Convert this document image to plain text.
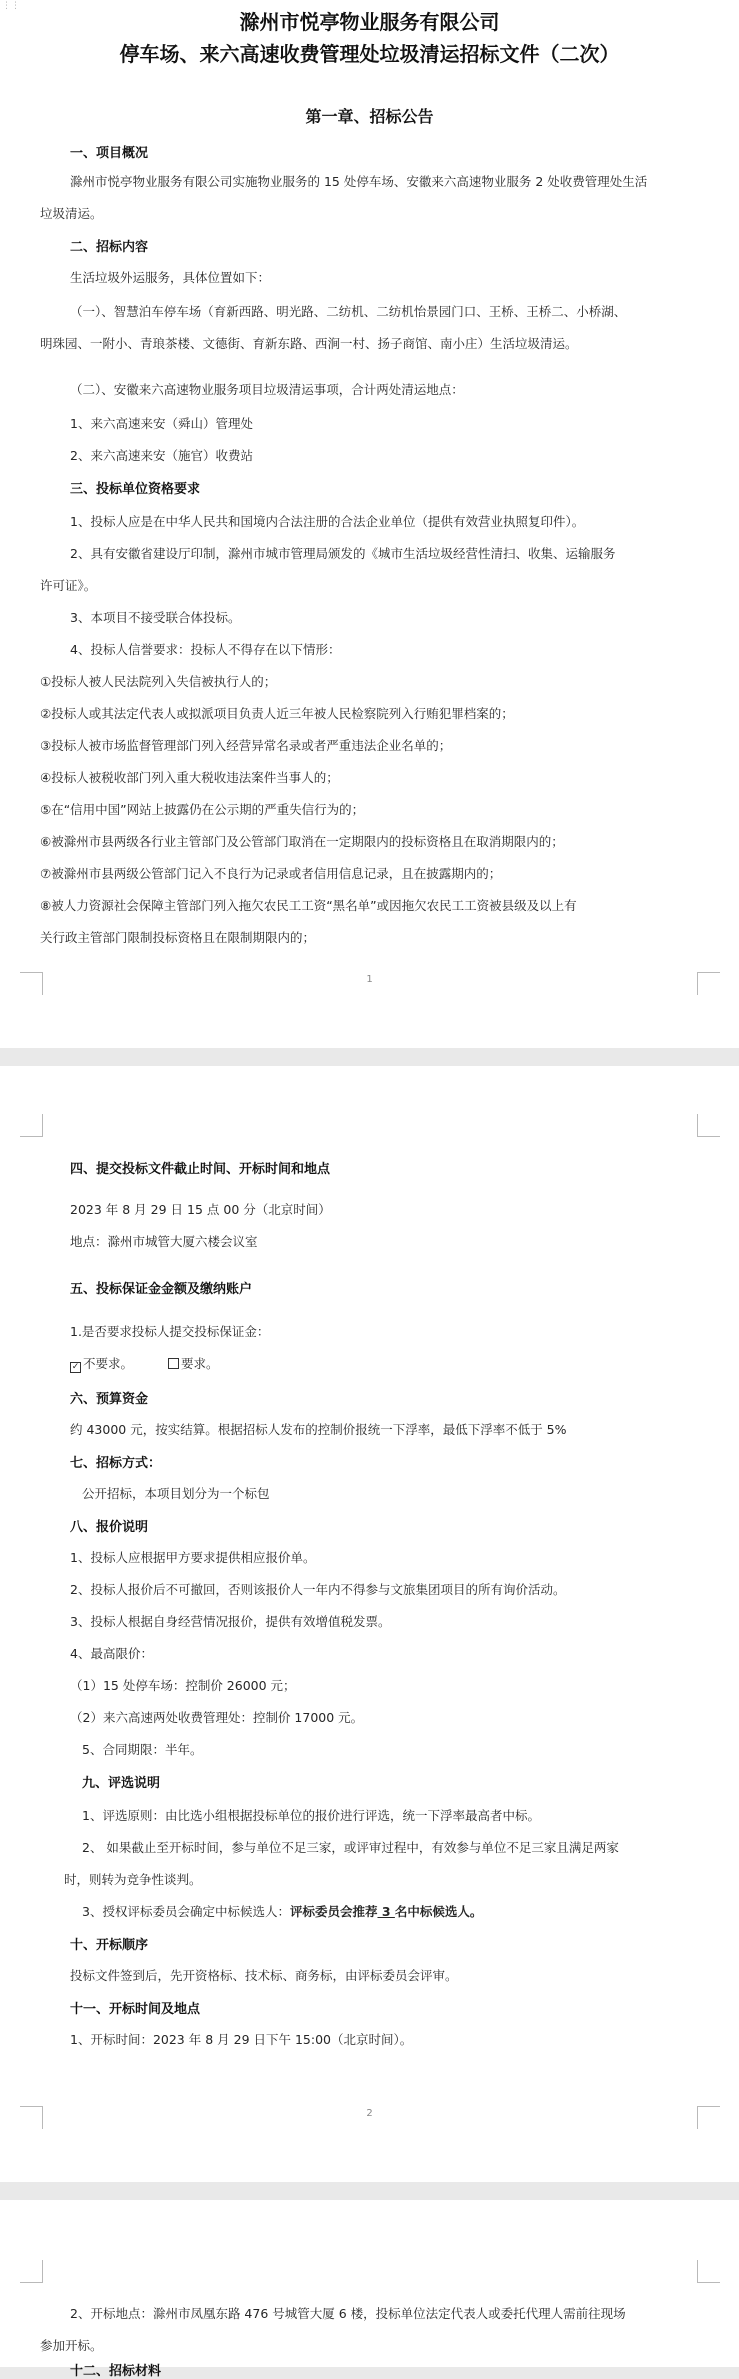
⋮⋮
滁州市悦亭物业服务有限公司
停车场、来六高速收费管理处垃圾清运招标文件（二次）
第一章、招标公告
一、项目概况
滁州市悦亭物业服务有限公司实施物业服务的 15 处停车场、安徽来六高速物业服务 2 处收费管理处生活
垃圾清运。
二、招标内容
生活垃圾外运服务，具体位置如下：
（一）、智慧泊车停车场（育新西路、明光路、二纺机、二纺机怡景园门口、王桥、王桥二、小桥湖、
明珠园、一附小、青琅茶楼、文德街、育新东路、西涧一村、扬子商馆、南小庄）生活垃圾清运。
（二）、安徽来六高速物业服务项目垃圾清运事项，合计两处清运地点：
1、来六高速来安（舜山）管理处
2、来六高速来安（施官）收费站
三、投标单位资格要求
1、投标人应是在中华人民共和国境内合法注册的合法企业单位（提供有效营业执照复印件）。
2、具有安徽省建设厅印制，滁州市城市管理局颁发的《城市生活垃圾经营性清扫、收集、运输服务
许可证》。
3、本项目不接受联合体投标。
4、投标人信誉要求：投标人不得存在以下情形：
①投标人被人民法院列入失信被执行人的；
②投标人或其法定代表人或拟派项目负责人近三年被人民检察院列入行贿犯罪档案的；
③投标人被市场监督管理部门列入经营异常名录或者严重违法企业名单的；
④投标人被税收部门列入重大税收违法案件当事人的；
⑤在“信用中国”网站上披露仍在公示期的严重失信行为的；
⑥被滁州市县两级各行业主管部门及公管部门取消在一定期限内的投标资格且在取消期限内的；
⑦被滁州市县两级公管部门记入不良行为记录或者信用信息记录，且在披露期内的；
⑧被人力资源社会保障主管部门列入拖欠农民工工资“黑名单”或因拖欠农民工工资被县级及以上有
关行政主管部门限制投标资格且在限制期限内的；
1
四、提交投标文件截止时间、开标时间和地点
2023 年 8 月 29 日 15 点 00 分（北京时间）
地点：滁州市城管大厦六楼会议室
五、投标保证金金额及缴纳账户
1.是否要求投标人提交投标保证金：
✓ 不要求。	要求。
六、预算资金
约 43000 元，按实结算。根据招标人发布的控制价报统一下浮率，最低下浮率不低于 5%
七、招标方式：
公开招标，本项目划分为一个标包
八、报价说明
1、投标人应根据甲方要求提供相应报价单。
2、投标人报价后不可撤回，否则该报价人一年内不得参与文旅集团项目的所有询价活动。
3、投标人根据自身经营情况报价，提供有效增值税发票。
4、最高限价：
（1）15 处停车场：控制价 26000 元；
（2）来六高速两处收费管理处：控制价 17000 元。
5、合同期限：半年。
九、评选说明
1、评选原则：由比选小组根据投标单位的报价进行评选，统一下浮率最高者中标。
2、 如果截止至开标时间，参与单位不足三家，或评审过程中，有效参与单位不足三家且满足两家
时，则转为竞争性谈判。
3、授权评标委员会确定中标候选人：评标委员会推荐 3 名中标候选人。
十、开标顺序
投标文件签到后，先开资格标、技术标、商务标，由评标委员会评审。
十一、开标时间及地点
1、开标时间：2023 年 8 月 29 日下午 15:00（北京时间）。
2
2、开标地点：滁州市凤凰东路 476 号城管大厦 6 楼，投标单位法定代表人或委托代理人需前往现场
参加开标。
十二、招标材料
